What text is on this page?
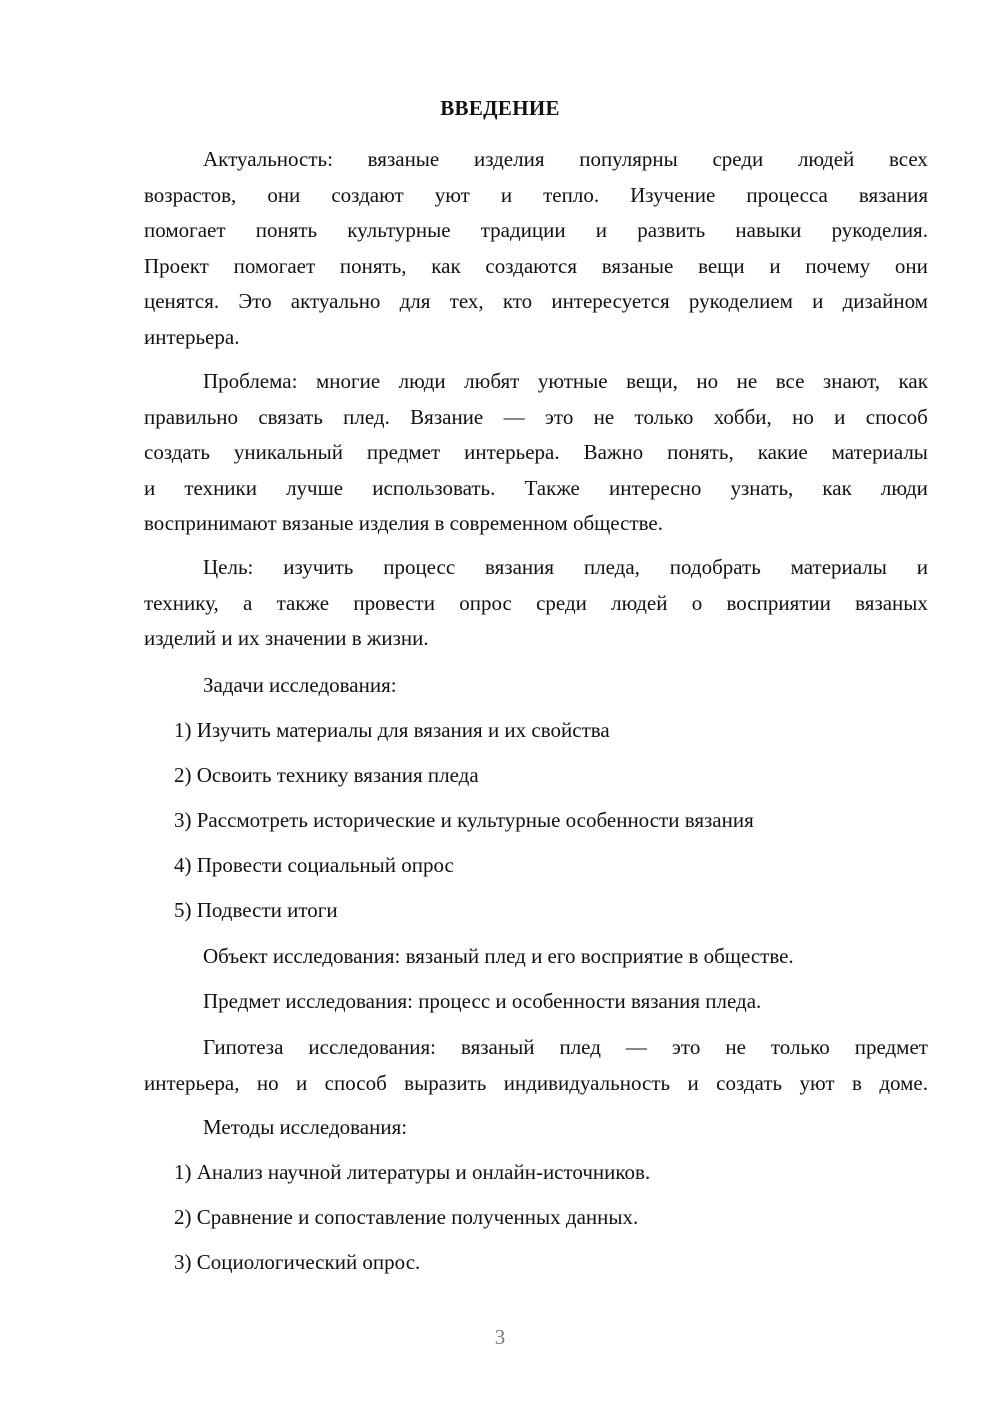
ВВЕДЕНИЕ
Актуальность: вязаные изделия популярны среди людей всех
возрастов, они создают уют и тепло. Изучение процесса вязания
помогает понять культурные традиции и развить навыки рукоделия.
Проект помогает понять, как создаются вязаные вещи и почему они
ценятся. Это актуально для тех, кто интересуется рукоделием и дизайном
интерьера.
Проблема: многие люди любят уютные вещи, но не все знают, как
правильно связать плед. Вязание — это не только хобби, но и способ
создать уникальный предмет интерьера. Важно понять, какие материалы
и техники лучше использовать. Также интересно узнать, как люди
воспринимают вязаные изделия в современном обществе.
Цель: изучить процесс вязания пледа, подобрать материалы и
технику, а также провести опрос среди людей о восприятии вязаных
изделий и их значении в жизни.
Задачи исследования:
1) Изучить материалы для вязания и их свойства
2) Освоить технику вязания пледа
3) Рассмотреть исторические и культурные особенности вязания
4) Провести социальный опрос
5) Подвести итоги
Объект исследования: вязаный плед и его восприятие в обществе.
Предмет исследования: процесс и особенности вязания пледа.
Гипотеза исследования: вязаный плед — это не только предмет
интерьера, но и способ выразить индивидуальность и создать уют в доме.
Методы исследования:
1) Анализ научной литературы и онлайн-источников.
2) Сравнение и сопоставление полученных данных.
3) Социологический опрос.
3
